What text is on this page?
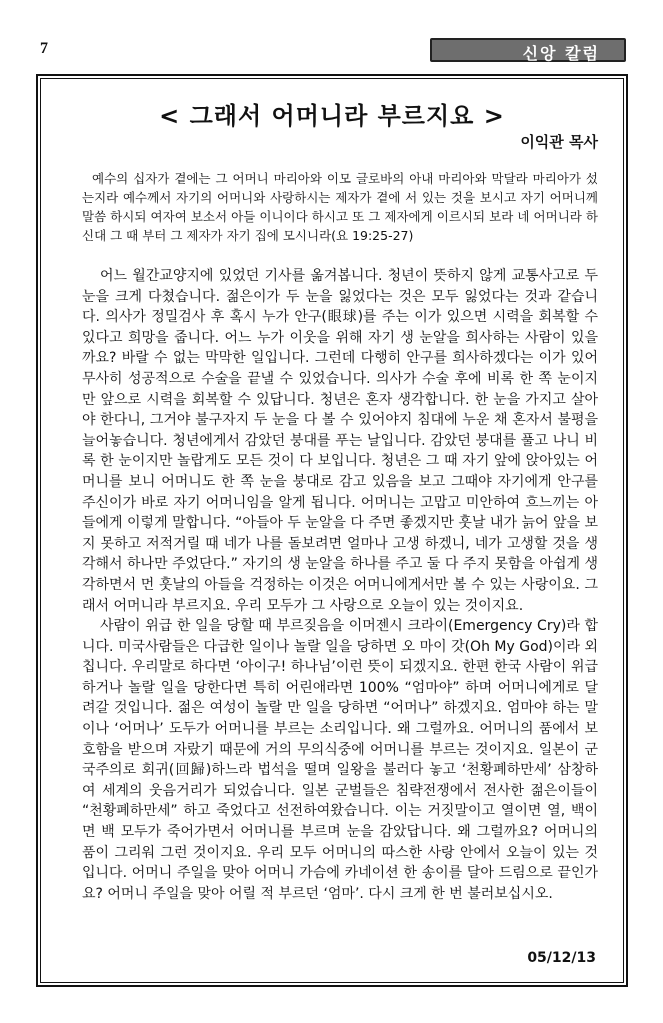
7	신앙 칼럼
< 그래서 어머니라 부르지요 >
이익관 목사

예수의 십자가 곁에는 그 어머니 마리아와 이모 글로바의 아내 마리아와 막달라 마리아가 섰는지라 예수께서 자기의 어머니와 사랑하시는 제자가 곁에 서 있는 것을 보시고 자기 어머니께 말씀 하시되 여자여 보소서 아들 이니이다 하시고 또 그 제자에게 이르시되 보라 네 어머니라 하신대 그 때 부터 그 제자가 자기 집에 모시니라(요 19:25-27)

어느 월간교양지에 있었던 기사를 옮겨봅니다. 청년이 뜻하지 않게 교통사고로 두 눈을 크게 다쳤습니다. 젊은이가 두 눈을 잃었다는 것은 모두 잃었다는 것과 같습니다. 의사가 정밀검사 후 혹시 누가 안구(眼球)를 주는 이가 있으면 시력을 회복할 수 있다고 희망을 줍니다. 어느 누가 이웃을 위해 자기 생 눈알을 희사하는 사람이 있을까요? 바랄 수 없는 막막한 일입니다. 그런데 다행히 안구를 희사하겠다는 이가 있어 무사히 성공적으로 수술을 끝낼 수 있었습니다. 의사가 수술 후에 비록 한 쪽 눈이지만 앞으로 시력을 회복할 수 있답니다. 청년은 혼자 생각합니다. 한 눈을 가지고 살아야 한다니, 그거야 불구자지 두 눈을 다 볼 수 있어야지 침대에 누운 채 혼자서 불평을 늘어놓습니다. 청년에게서 감았던 붕대를 푸는 날입니다. 감았던 붕대를 풀고 나니 비록 한 눈이지만 놀랍게도 모든 것이 다 보입니다. 청년은 그 때 자기 앞에 앉아있는 어머니를 보니 어머니도 한 쪽 눈을 붕대로 감고 있음을 보고 그때야 자기에게 안구를 주신이가 바로 자기 어머니임을 알게 됩니다. 어머니는 고맙고 미안하여 흐느끼는 아들에게 이렇게 말합니다. “아들아 두 눈알을 다 주면 좋겠지만 훗날 내가 늙어 앞을 보지 못하고 저적거릴 때 네가 나를 돌보려면 얼마나 고생 하겠니, 네가 고생할 것을 생각해서 하나만 주었단다.” 자기의 생 눈알을 하나를 주고 둘 다 주지 못함을 아쉽게 생각하면서 먼 훗날의 아들을 걱정하는 이것은 어머니에게서만 볼 수 있는 사랑이요. 그래서 어머니라 부르지요. 우리 모두가 그 사랑으로 오늘이 있는 것이지요.

사람이 위급 한 일을 당할 때 부르짖음을 이머젠시 크라이(Emergency Cry)라 합니다. 미국사람들은 다급한 일이나 놀랄 일을 당하면 오 마이 갓(Oh My God)이라 외칩니다. 우리말로 하다면 ‘아이구! 하나님’이런 뜻이 되겠지요. 한편 한국 사람이 위급하거나 놀랄 일을 당한다면 특히 어린애라면 100% “엄마야” 하며 어머니에게로 달려갈 것입니다. 젊은 여성이 놀랄 만 일을 당하면 “어머나” 하겠지요. 엄마야 하는 말이나 ‘어머나’ 도두가 어머니를 부르는 소리입니다. 왜 그럴까요. 어머니의 품에서 보호함을 받으며 자랐기 때문에 거의 무의식중에 어머니를 부르는 것이지요. 일본이 군국주의로 회귀(回歸)하느라 법석을 떨며 일왕을 불러다 놓고 ‘천황폐하만세’ 삼창하여 세계의 웃음거리가 되었습니다. 일본 군벌들은 침략전쟁에서 전사한 젊은이들이 “천황폐하만세” 하고 죽었다고 선전하여왔습니다. 이는 거짓말이고 열이면 열, 백이면 백 모두가 죽어가면서 어머니를 부르며 눈을 감았답니다. 왜 그럴까요? 어머니의 품이 그리워 그런 것이지요. 우리 모두 어머니의 따스한 사랑 안에서 오늘이 있는 것입니다. 어머니 주일을 맞아 어머니 가슴에 카네이션 한 송이를 달아 드림으로 끝인가요? 어머니 주일을 맞아 어릴 적 부르던 ‘엄마’. 다시 크게 한 번 불러보십시오.

05/12/13
